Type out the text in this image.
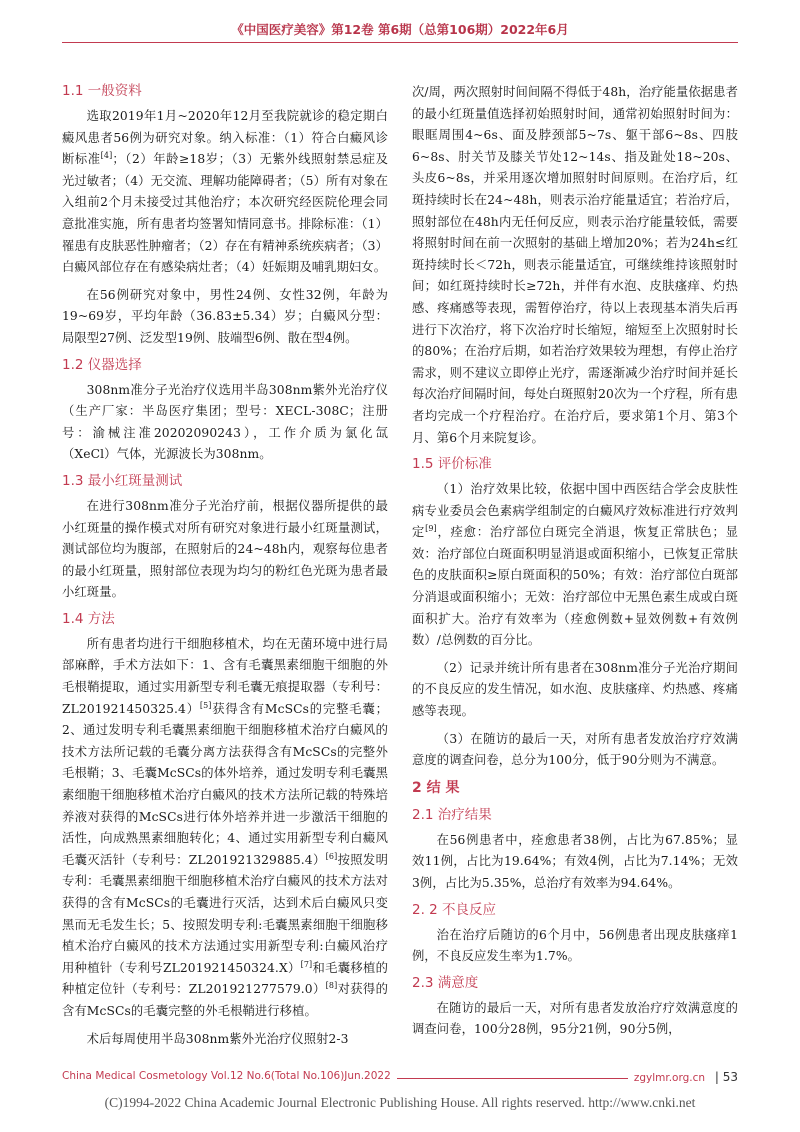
《中国医疗美容》第12卷 第6期（总第106期）2022年6月
1.1 一般资料

选取2019年1月~2020年12月至我院就诊的稳定期白癜风患者56例为研究对象。纳入标准：（1）符合白癜风诊断标准[4]；（2）年龄≥18岁；（3）无紫外线照射禁忌症及光过敏者；（4）无交流、理解功能障碍者；（5）所有对象在入组前2个月未接受过其他治疗；本次研究经医院伦理会同意批准实施，所有患者均签署知情同意书。排除标准：（1）罹患有皮肤恶性肿瘤者；（2）存在有精神系统疾病者；（3）白癜风部位存在有感染病灶者；（4）妊娠期及哺乳期妇女。

在56例研究对象中，男性24例、女性32例，年龄为19~69岁，平均年龄（36.83±5.34）岁；白癜风分型：局限型27例、泛发型19例、肢端型6例、散在型4例。

1.2 仪器选择

308nm准分子光治疗仪选用半岛308nm紫外光治疗仪（生产厂家：半岛医疗集团；型号：XECL-308C；注册号：渝械注准20202090243），工作介质为氯化氙（XeCl）气体，光源波长为308nm。

1.3 最小红斑量测试

在进行308nm准分子光治疗前，根据仪器所提供的最小红斑量的操作模式对所有研究对象进行最小红斑量测试，测试部位均为腹部，在照射后的24~48h内，观察每位患者的最小红斑量，照射部位表现为均匀的粉红色光斑为患者最小红斑量。

1.4 方法

所有患者均进行干细胞移植术，均在无菌环境中进行局部麻醉，手术方法如下：1、含有毛囊黑素细胞干细胞的外毛根鞘提取，通过实用新型专利毛囊无痕提取器（专利号：ZL201921450325.4）[5]获得含有McSCs的完整毛囊；2、通过发明专利毛囊黑素细胞干细胞移植术治疗白癜风的技术方法所记载的毛囊分离方法获得含有McSCs的完整外毛根鞘；3、毛囊McSCs的体外培养，通过发明专利毛囊黑素细胞干细胞移植术治疗白癜风的技术方法所记载的特殊培养液对获得的McSCs进行体外培养并进一步激活干细胞的活性，向成熟黑素细胞转化；4、通过实用新型专利白癜风毛囊灭活针（专利号：ZL201921329885.4）[6]按照发明专利：毛囊黑素细胞干细胞移植术治疗白癜风的技术方法对获得的含有McSCs的毛囊进行灭活，达到术后白癜风只变黑而无毛发生长；5、按照发明专利:毛囊黑素细胞干细胞移植术治疗白癜风的技术方法通过实用新型专利:白癜风治疗用种植针（专利号ZL201921450324.X）[7]和毛囊移植的种植定位针（专利号：ZL201921277579.0）[8]对获得的含有McSCs的毛囊完整的外毛根鞘进行移植。

术后每周使用半岛308nm紫外光治疗仪照射2-3

次/周，两次照射时间间隔不得低于48h，治疗能量依据患者的最小红斑量值选择初始照射时间，通常初始照射时间为：眼眶周围4~6s、面及脖颈部5~7s、躯干部6~8s、四肢6~8s、肘关节及膝关节处12~14s、指及趾处18~20s、头皮6~8s，并采用逐次增加照射时间原则。在治疗后，红斑持续时长在24~48h，则表示治疗能量适宜；若治疗后，照射部位在48h内无任何反应，则表示治疗能量较低，需要将照射时间在前一次照射的基础上增加20%；若为24h≤红斑持续时长＜72h，则表示能量适宜，可继续维持该照射时间；如红斑持续时长≥72h，并伴有水泡、皮肤瘙痒、灼热感、疼痛感等表现，需暂停治疗，待以上表现基本消失后再进行下次治疗，将下次治疗时长缩短，缩短至上次照射时长的80%；在治疗后期，如若治疗效果较为理想，有停止治疗需求，则不建议立即停止光疗，需逐渐减少治疗时间并延长每次治疗间隔时间，每处白斑照射20次为一个疗程，所有患者均完成一个疗程治疗。在治疗后，要求第1个月、第3个月、第6个月来院复诊。

1.5 评价标准

（1）治疗效果比较，依据中国中西医结合学会皮肤性病专业委员会色素病学组制定的白癜风疗效标准进行疗效判定[9]，痊愈：治疗部位白斑完全消退，恢复正常肤色；显效：治疗部位白斑面积明显消退或面积缩小，已恢复正常肤色的皮肤面积≥原白斑面积的50%；有效：治疗部位白斑部分消退或面积缩小；无效：治疗部位中无黑色素生成或白斑面积扩大。治疗有效率为（痊愈例数+显效例数+有效例数）/总例数的百分比。

（2）记录并统计所有患者在308nm准分子光治疗期间的不良反应的发生情况，如水泡、皮肤瘙痒、灼热感、疼痛感等表现。

（3）在随访的最后一天，对所有患者发放治疗疗效满意度的调查问卷，总分为100分，低于90分则为不满意。

2 结 果
2.1 治疗结果

在56例患者中，痊愈患者38例，占比为67.85%；显效11例，占比为19.64%；有效4例，占比为7.14%；无效3例，占比为5.35%，总治疗有效率为94.64%。

2. 2 不良反应

治在治疗后随访的6个月中，56例患者出现皮肤瘙痒1例，不良反应发生率为1.7%。

2.3 满意度

在随访的最后一天，对所有患者发放治疗疗效满意度的调查问卷，100分28例，95分21例，90分5例，

China Medical Cosmetology Vol.12 No.6(Total No.106)Jun.2022	zgylmr.org.cn | 53
(C)1994-2022 China Academic Journal Electronic Publishing House. All rights reserved. http://www.cnki.net
